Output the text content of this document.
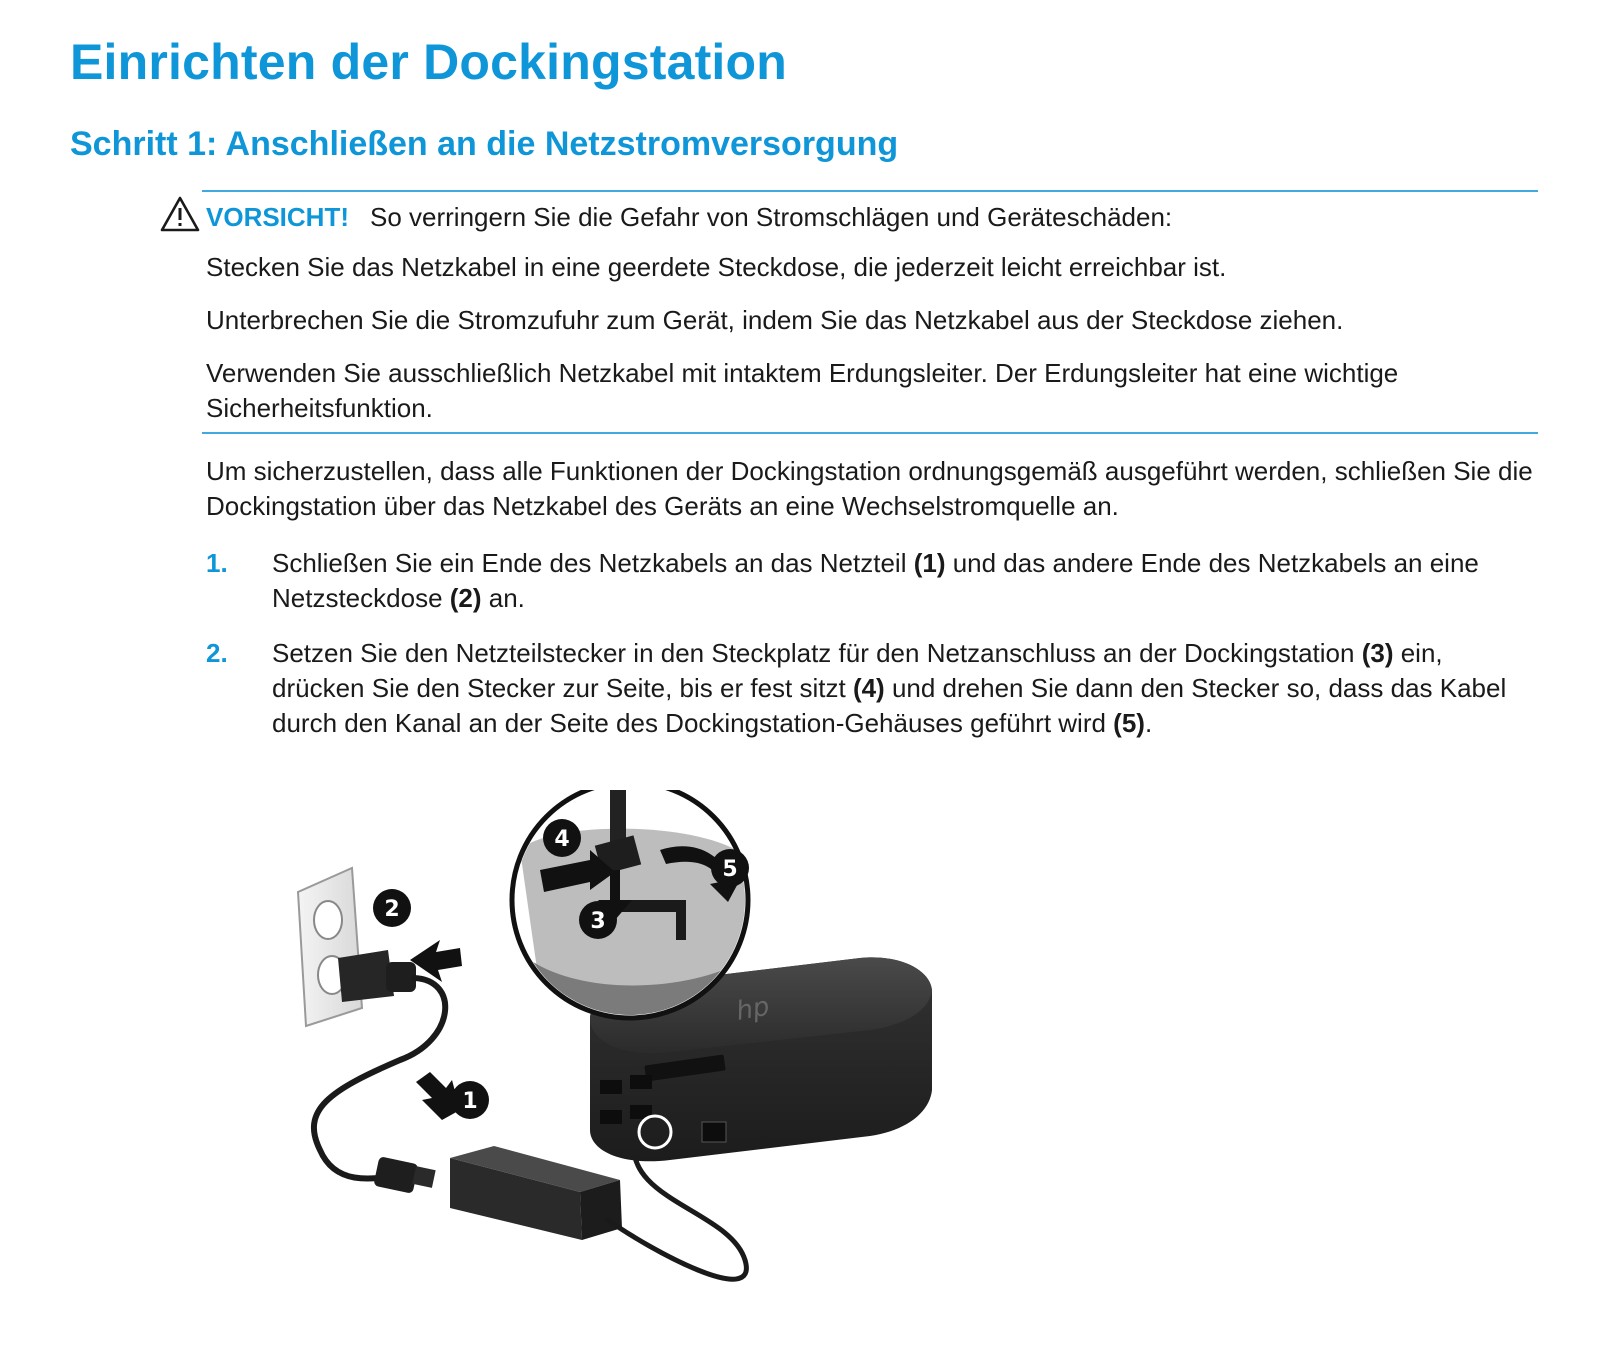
Einrichten der Dockingstation
Schritt 1: Anschließen an die Netzstromversorgung
VORSICHT! So verringern Sie die Gefahr von Stromschlägen und Geräteschäden:

Stecken Sie das Netzkabel in eine geerdete Steckdose, die jederzeit leicht erreichbar ist.

Unterbrechen Sie die Stromzufuhr zum Gerät, indem Sie das Netzkabel aus der Steckdose ziehen.

Verwenden Sie ausschließlich Netzkabel mit intaktem Erdungsleiter. Der Erdungsleiter hat eine wichtige Sicherheitsfunktion.

Um sicherzustellen, dass alle Funktionen der Dockingstation ordnungsgemäß ausgeführt werden, schließen Sie die Dockingstation über das Netzkabel des Geräts an eine Wechselstromquelle an.

1. Schließen Sie ein Ende des Netzkabels an das Netzteil (1) und das andere Ende des Netzkabels an eine Netzsteckdose (2) an.

2. Setzen Sie den Netzteilstecker in den Steckplatz für den Netzanschluss an der Dockingstation (3) ein, drücken Sie den Stecker zur Seite, bis er fest sitzt (4) und drehen Sie dann den Stecker so, dass das Kabel durch den Kanal an der Seite des Dockingstation-Gehäuses geführt wird (5).

hp
1
2	3
4
5
